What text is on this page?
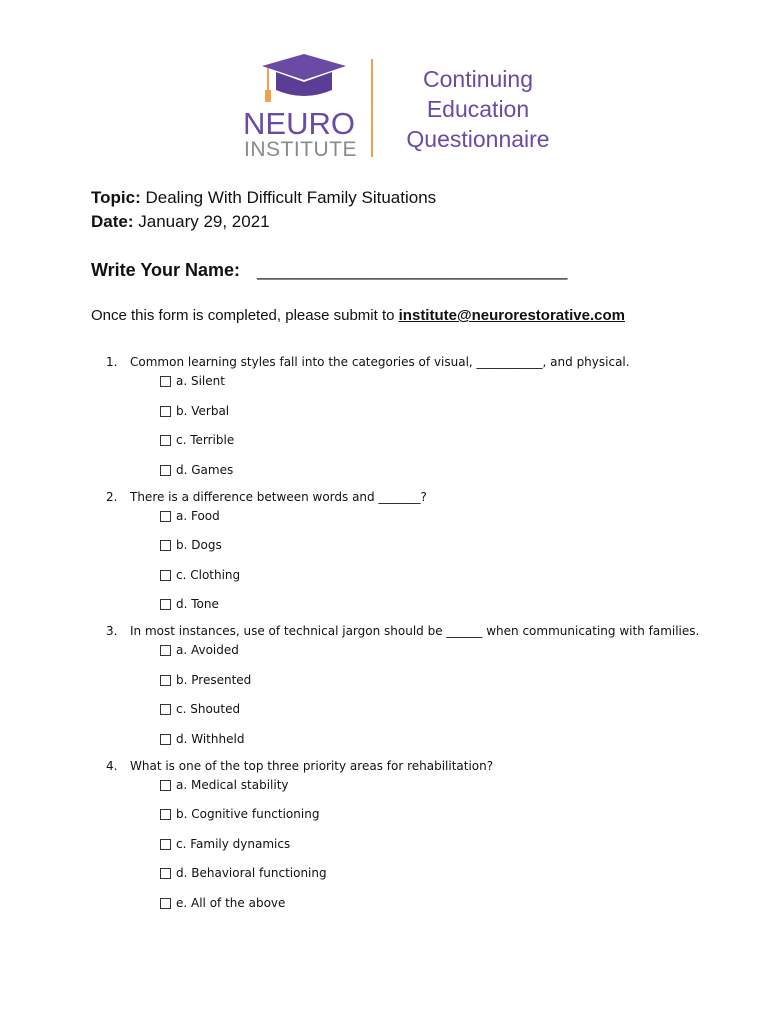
NEURO
INSTITUTE
Continuing
Education
Questionnaire
Topic: Dealing With Difficult Family Situations
Date: January 29, 2021
Write Your Name: _______________________________
Once this form is completed, please submit to institute@neurorestorative.com
1.	Common learning styles fall into the categories of visual, ___________, and physical.
a. Silent
b. Verbal
c. Terrible
d. Games
2.	There is a difference between words and _______?
a. Food
b. Dogs
c. Clothing
d. Tone
3.	In most instances, use of technical jargon should be ______ when communicating with families.
a. Avoided
b. Presented
c. Shouted
d. Withheld
4.	What is one of the top three priority areas for rehabilitation?
a. Medical stability
b. Cognitive functioning
c. Family dynamics
d. Behavioral functioning
e. All of the above
